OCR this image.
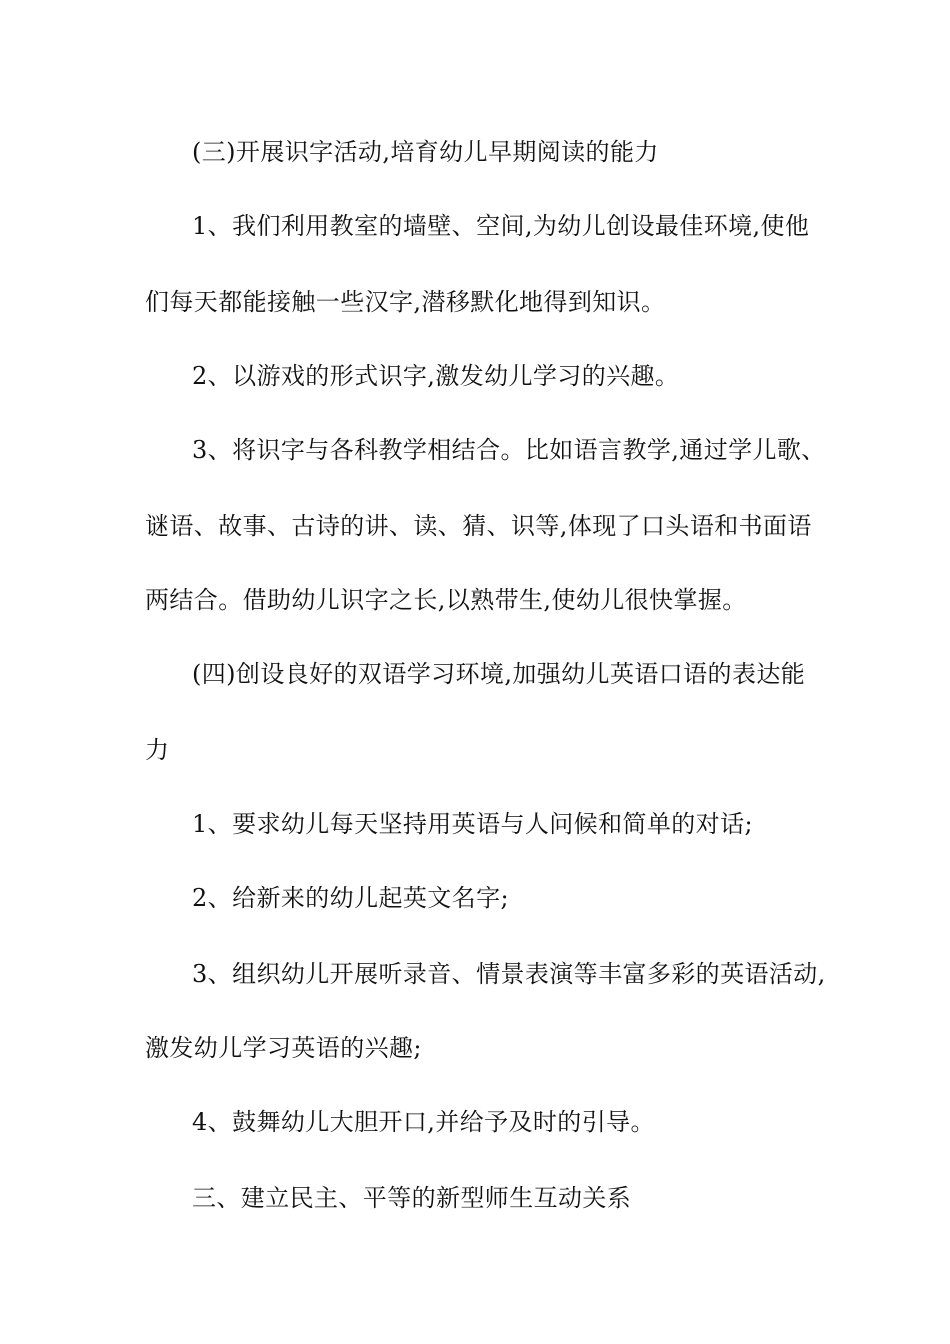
(三)开展识字活动,培育幼儿早期阅读的能力
1、我们利用教室的墙壁、空间,为幼儿创设最佳环境,使他
们每天都能接触一些汉字,潜移默化地得到知识。
2、以游戏的形式识字,激发幼儿学习的兴趣。
3、将识字与各科教学相结合。比如语言教学,通过学儿歌、
谜语、故事、古诗的讲、读、猜、识等,体现了口头语和书面语
两结合。借助幼儿识字之长,以熟带生,使幼儿很快掌握。
(四)创设良好的双语学习环境,加强幼儿英语口语的表达能
力
1、要求幼儿每天坚持用英语与人问候和简单的对话;
2、给新来的幼儿起英文名字;
3、组织幼儿开展听录音、情景表演等丰富多彩的英语活动,
激发幼儿学习英语的兴趣;
4、鼓舞幼儿大胆开口,并给予及时的引导。
三、建立民主、平等的新型师生互动关系
